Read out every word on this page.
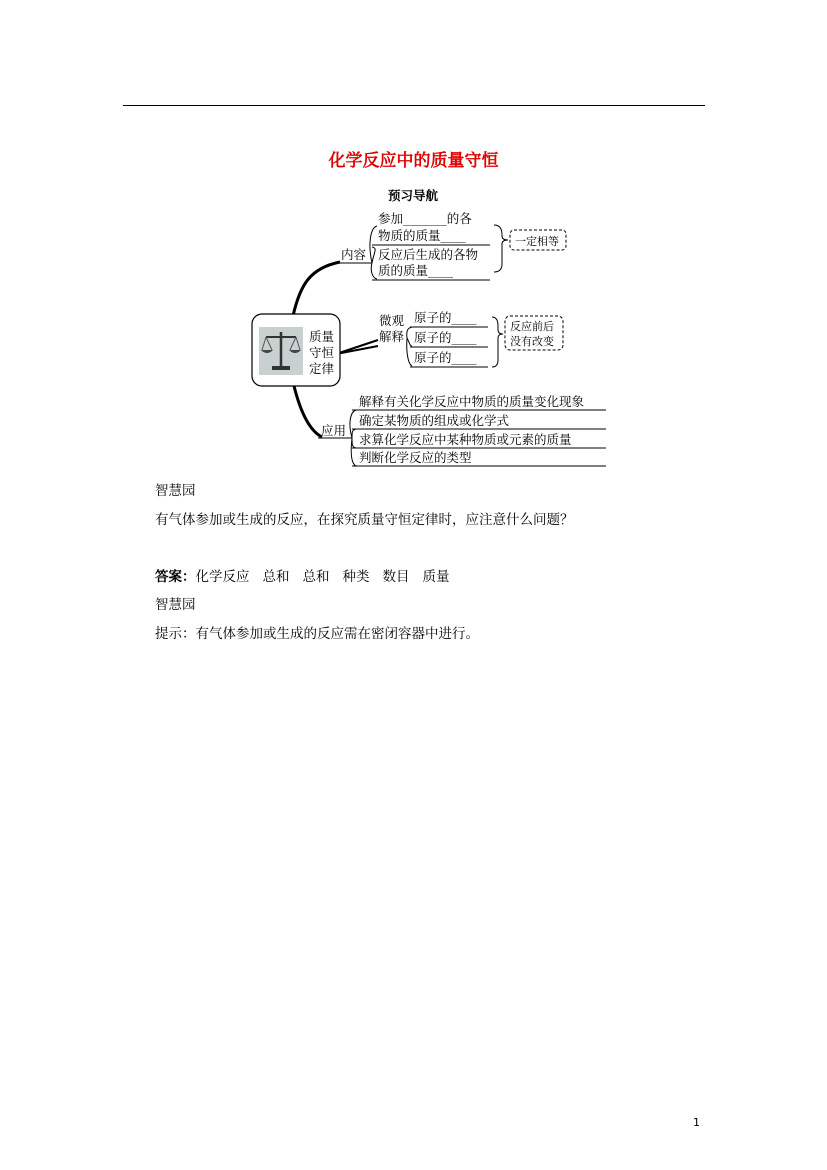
化学反应中的质量守恒
预习导航
质量
守恒
定律
内容
参加_______的各
物质的质量____
反应后生成的各物
质的质量____
一定相等
微观
解释
原子的____
原子的____
原子的____
反应前后
没有改变
应用
解释有关化学反应中物质的质量变化现象
确定某物质的组成或化学式
求算化学反应中某种物质或元素的质量
判断化学反应的类型
智慧园
有气体参加或生成的反应，在探究质量守恒定律时，应注意什么问题？
答案：化学反应 总和 总和 种类 数目 质量
智慧园
提示：有气体参加或生成的反应需在密闭容器中进行。
1
